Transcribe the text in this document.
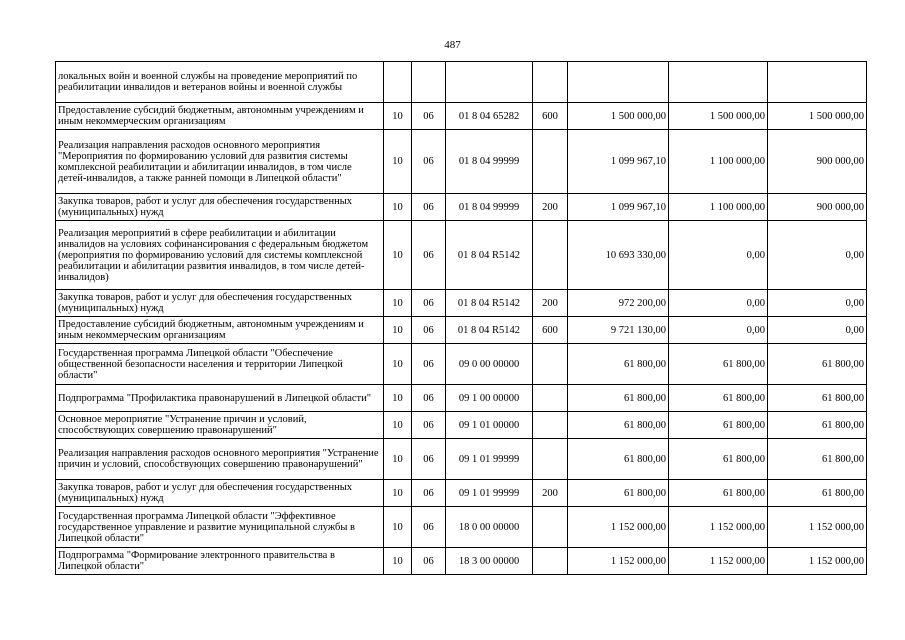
487
локальных войн и военной службы на проведение мероприятий по реабилитации инвалидов и ветеранов войны и военной службы							
Предоставление субсидий бюджетным, автономным учреждениям и иным некоммерческим организациям	10	06	01 8 04 65282	600	1 500 000,00	1 500 000,00	1 500 000,00
Реализация направления расходов основного мероприятия "Мероприятия по формированию условий для развития системы комплексной реабилитации и абилитации инвалидов, в том числе детей-инвалидов, а также ранней помощи в Липецкой области"	10	06	01 8 04 99999		1 099 967,10	1 100 000,00	900 000,00
Закупка товаров, работ и услуг для обеспечения государственных (муниципальных) нужд	10	06	01 8 04 99999	200	1 099 967,10	1 100 000,00	900 000,00
Реализация мероприятий в сфере реабилитации и абилитации инвалидов на условиях софинансирования с федеральным бюджетом (мероприятия по формированию условий для системы комплексной реабилитации и абилитации развития инвалидов, в том числе детей-инвалидов)	10	06	01 8 04 R5142		10 693 330,00	0,00	0,00
Закупка товаров, работ и услуг для обеспечения государственных (муниципальных) нужд	10	06	01 8 04 R5142	200	972 200,00	0,00	0,00
Предоставление субсидий бюджетным, автономным учреждениям и иным некоммерческим организациям	10	06	01 8 04 R5142	600	9 721 130,00	0,00	0,00
Государственная программа Липецкой области "Обеспечение общественной безопасности населения и территории Липецкой области"	10	06	09 0 00 00000		61 800,00	61 800,00	61 800,00
Подпрограмма "Профилактика правонарушений в Липецкой области"	10	06	09 1 00 00000		61 800,00	61 800,00	61 800,00
Основное мероприятие "Устранение причин и условий, способствующих совершению правонарушений"	10	06	09 1 01 00000		61 800,00	61 800,00	61 800,00
Реализация направления расходов основного мероприятия "Устранение причин и условий, способствующих совершению правонарушений"	10	06	09 1 01 99999		61 800,00	61 800,00	61 800,00
Закупка товаров, работ и услуг для обеспечения государственных (муниципальных) нужд	10	06	09 1 01 99999	200	61 800,00	61 800,00	61 800,00
Государственная программа Липецкой области "Эффективное государственное управление и развитие муниципальной службы в Липецкой области"	10	06	18 0 00 00000		1 152 000,00	1 152 000,00	1 152 000,00
Подпрограмма "Формирование электронного правительства в Липецкой области"	10	06	18 3 00 00000		1 152 000,00	1 152 000,00	1 152 000,00
